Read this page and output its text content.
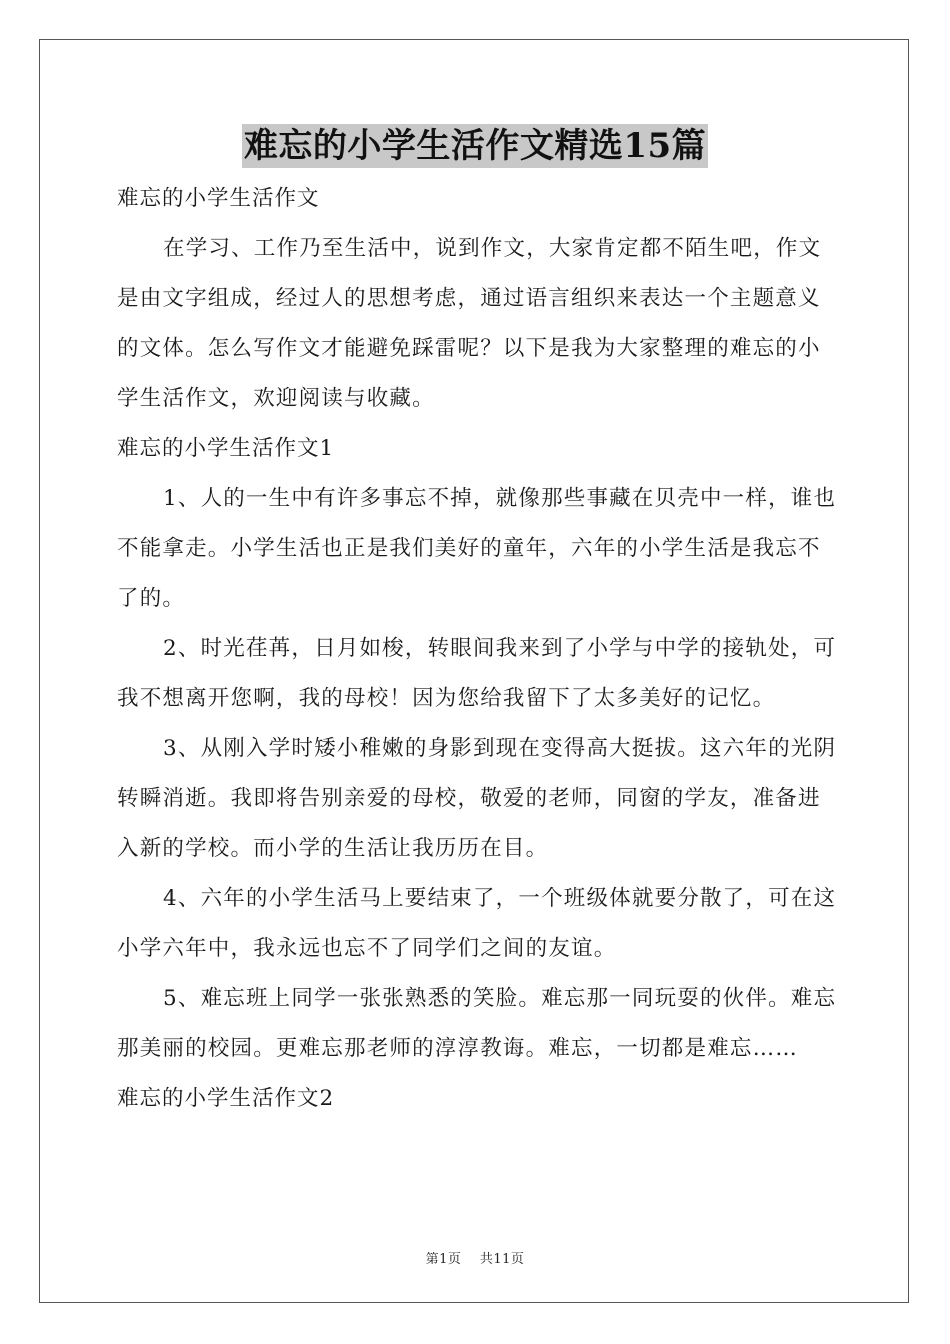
难忘的小学生活作文精选15篇

难忘的小学生活作文

在学习、工作乃至生活中，说到作文，大家肯定都不陌生吧，作文是由文字组成，经过人的思想考虑，通过语言组织来表达一个主题意义的文体。怎么写作文才能避免踩雷呢？以下是我为大家整理的难忘的小学生活作文，欢迎阅读与收藏。

难忘的小学生活作文1

1、人的一生中有许多事忘不掉，就像那些事藏在贝壳中一样，谁也不能拿走。小学生活也正是我们美好的童年，六年的小学生活是我忘不了的。

2、时光荏苒，日月如梭，转眼间我来到了小学与中学的接轨处，可我不想离开您啊，我的母校！因为您给我留下了太多美好的记忆。

3、从刚入学时矮小稚嫩的身影到现在变得高大挺拔。这六年的光阴转瞬消逝。我即将告别亲爱的母校，敬爱的老师，同窗的学友，准备进入新的学校。而小学的生活让我历历在目。

4、六年的小学生活马上要结束了，一个班级体就要分散了，可在这小学六年中，我永远也忘不了同学们之间的友谊。

5、难忘班上同学一张张熟悉的笑脸。难忘那一同玩耍的伙伴。难忘那美丽的校园。更难忘那老师的淳淳教诲。难忘，一切都是难忘……

难忘的小学生活作文2

第1页 共11页
